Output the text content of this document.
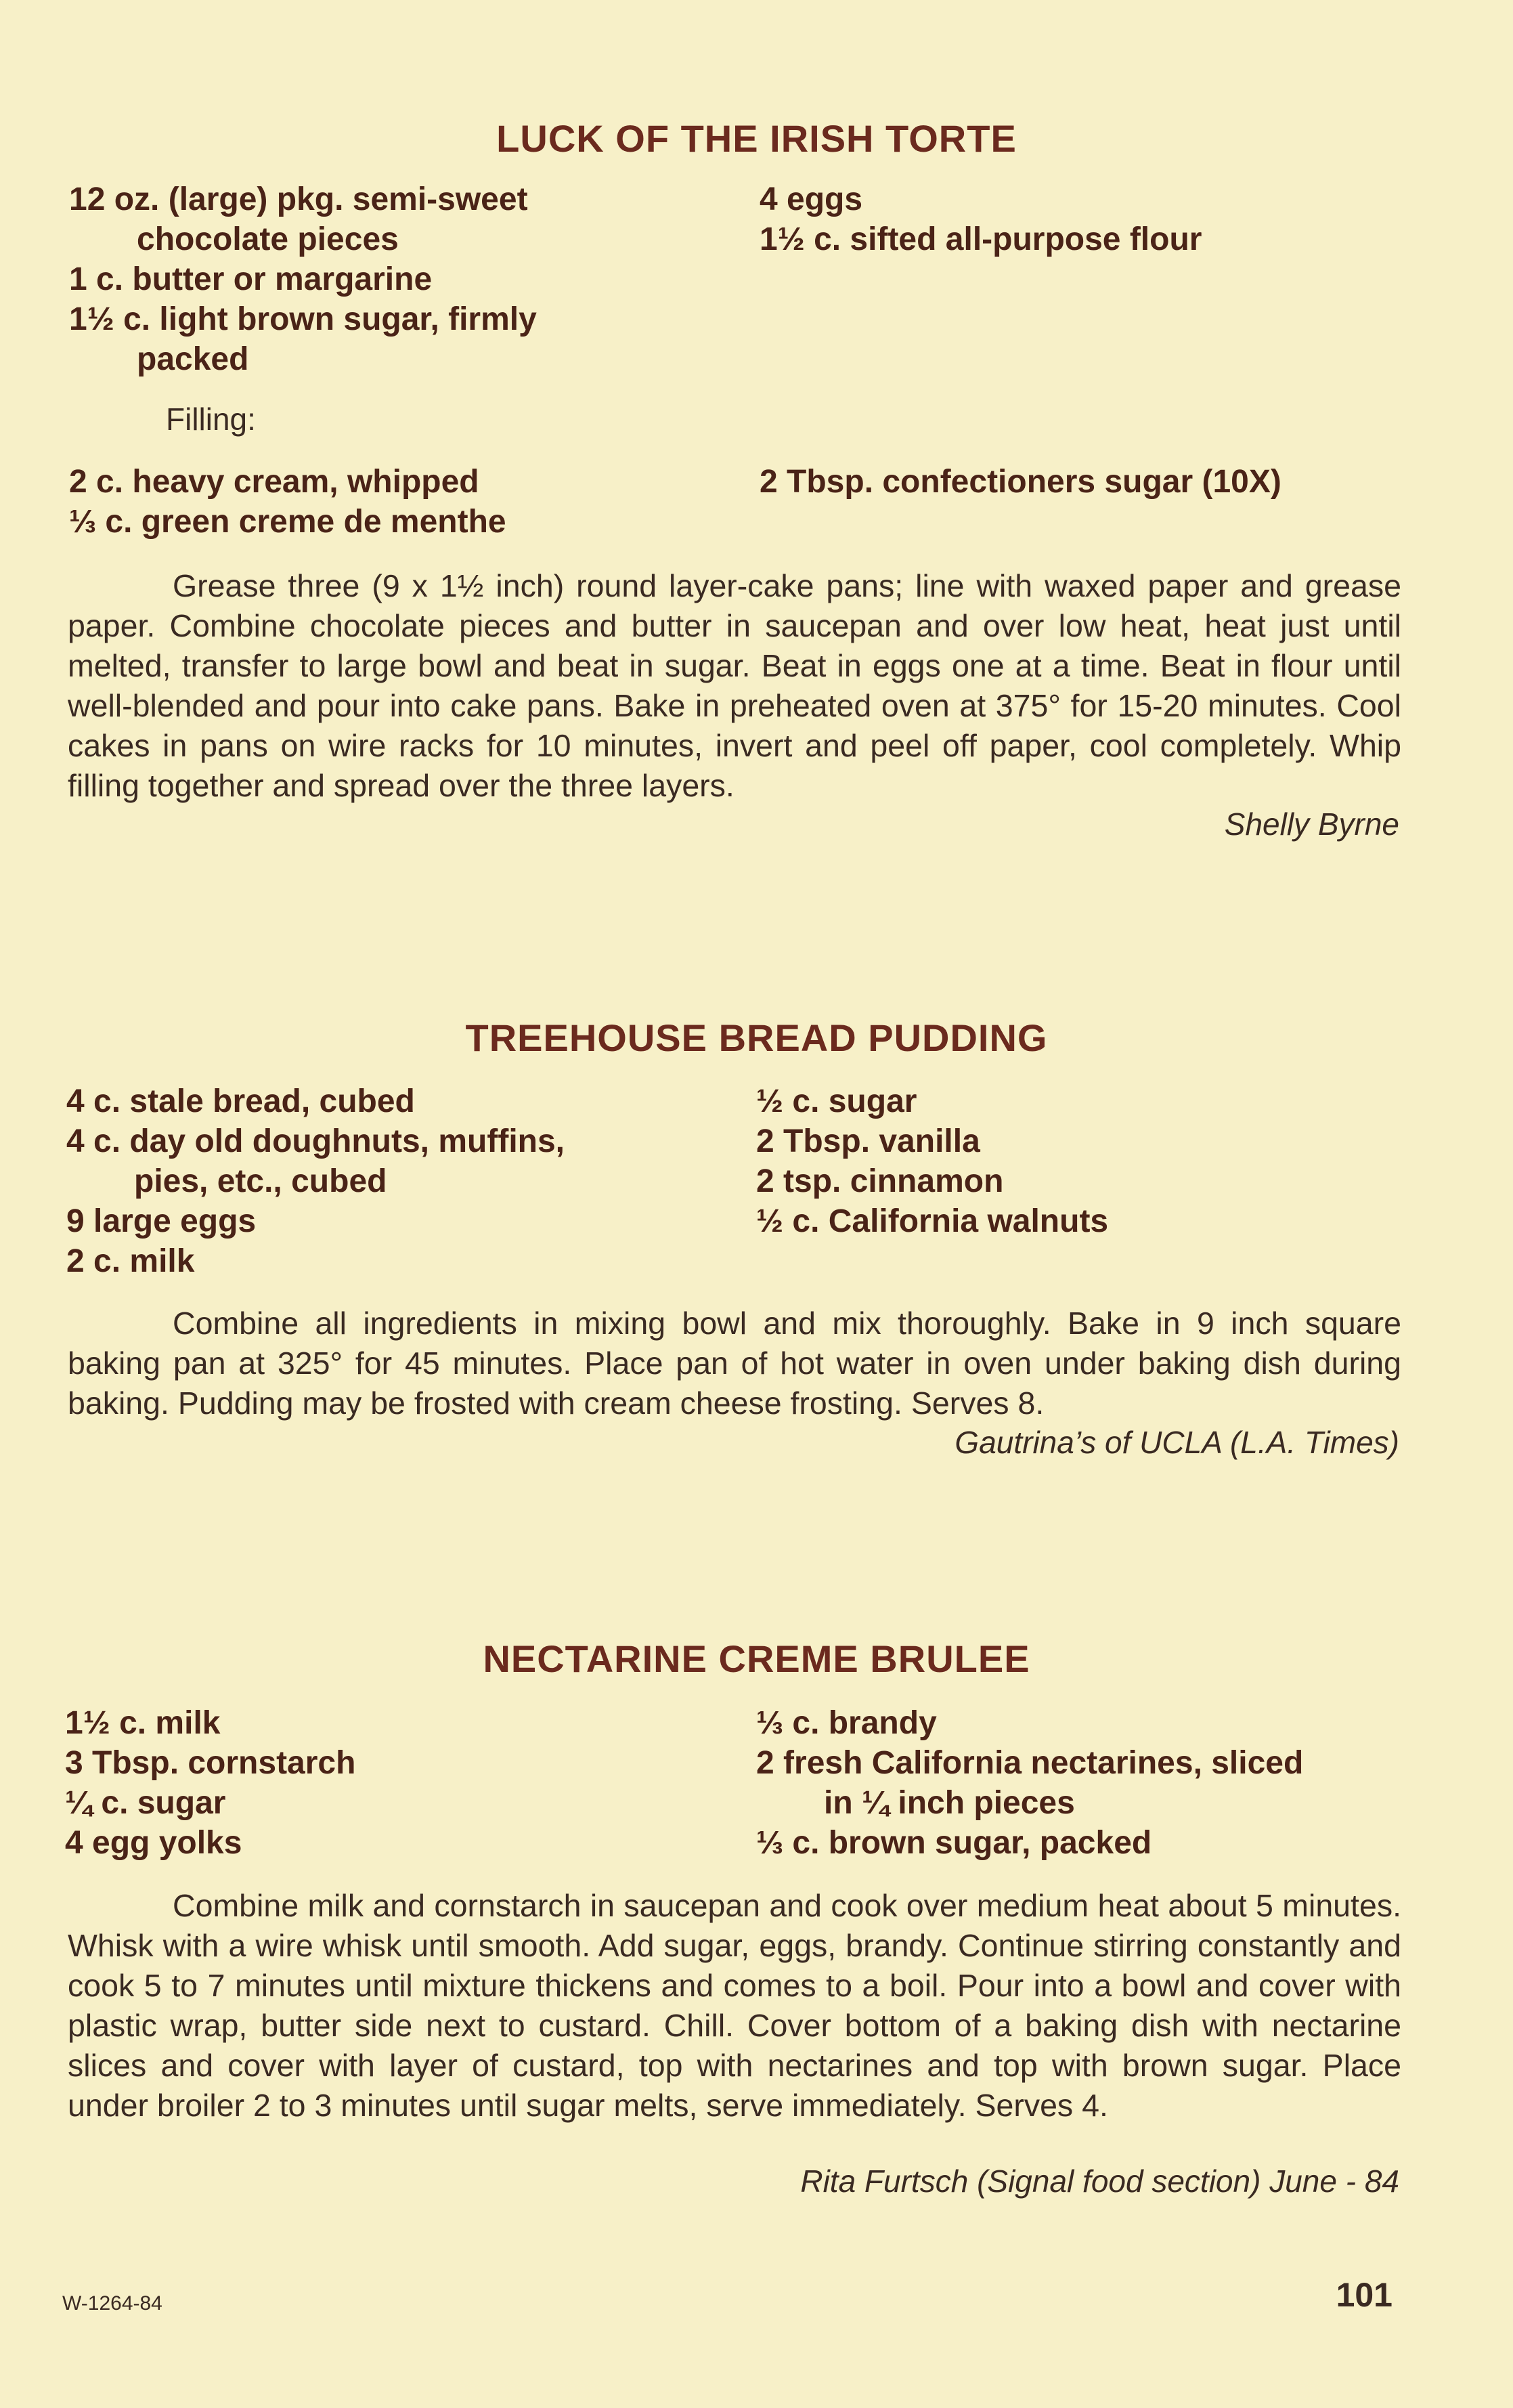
LUCK OF THE IRISH TORTE
12 oz. (large) pkg. semi-sweet
chocolate pieces
1 c. butter or margarine
1½ c. light brown sugar, firmly
packed
4 eggs
1½ c. sifted all-purpose flour
Filling:
2 c. heavy cream, whipped
⅓ c. green creme de menthe
2 Tbsp. confectioners sugar (10X)

Grease three (9 x 1½ inch) round layer-cake pans; line with waxed paper and grease paper. Combine chocolate pieces and butter in saucepan and over low heat, heat just until melted, transfer to large bowl and beat in sugar. Beat in eggs one at a time. Beat in flour until well-blended and pour into cake pans. Bake in preheated oven at 375° for 15-20 minutes. Cool cakes in pans on wire racks for 10 minutes, invert and peel off paper, cool completely. Whip filling together and spread over the three layers.

Shelly Byrne
TREEHOUSE BREAD PUDDING
4 c. stale bread, cubed
4 c. day old doughnuts, muffins,
pies, etc., cubed
9 large eggs
2 c. milk
½ c. sugar
2 Tbsp. vanilla
2 tsp. cinnamon
½ c. California walnuts

Combine all ingredients in mixing bowl and mix thoroughly. Bake in 9 inch square baking pan at 325° for 45 minutes. Place pan of hot water in oven under baking dish during baking. Pudding may be frosted with cream cheese frosting. Serves 8.

Gautrina’s of UCLA (L.A. Times)
NECTARINE CREME BRULEE
1½ c. milk
3 Tbsp. cornstarch
¼ c. sugar
4 egg yolks
⅓ c. brandy
2 fresh California nectarines, sliced
in ¼ inch pieces
⅓ c. brown sugar, packed

Combine milk and cornstarch in saucepan and cook over medium heat about 5 minutes. Whisk with a wire whisk until smooth. Add sugar, eggs, brandy. Continue stirring constantly and cook 5 to 7 minutes until mixture thickens and comes to a boil. Pour into a bowl and cover with plastic wrap, butter side next to custard. Chill. Cover bottom of a baking dish with nectarine slices and cover with layer of custard, top with nectarines and top with brown sugar. Place under broiler 2 to 3 minutes until sugar melts, serve immediately. Serves 4.

Rita Furtsch (Signal food section) June - 84
W-1264-84	101
